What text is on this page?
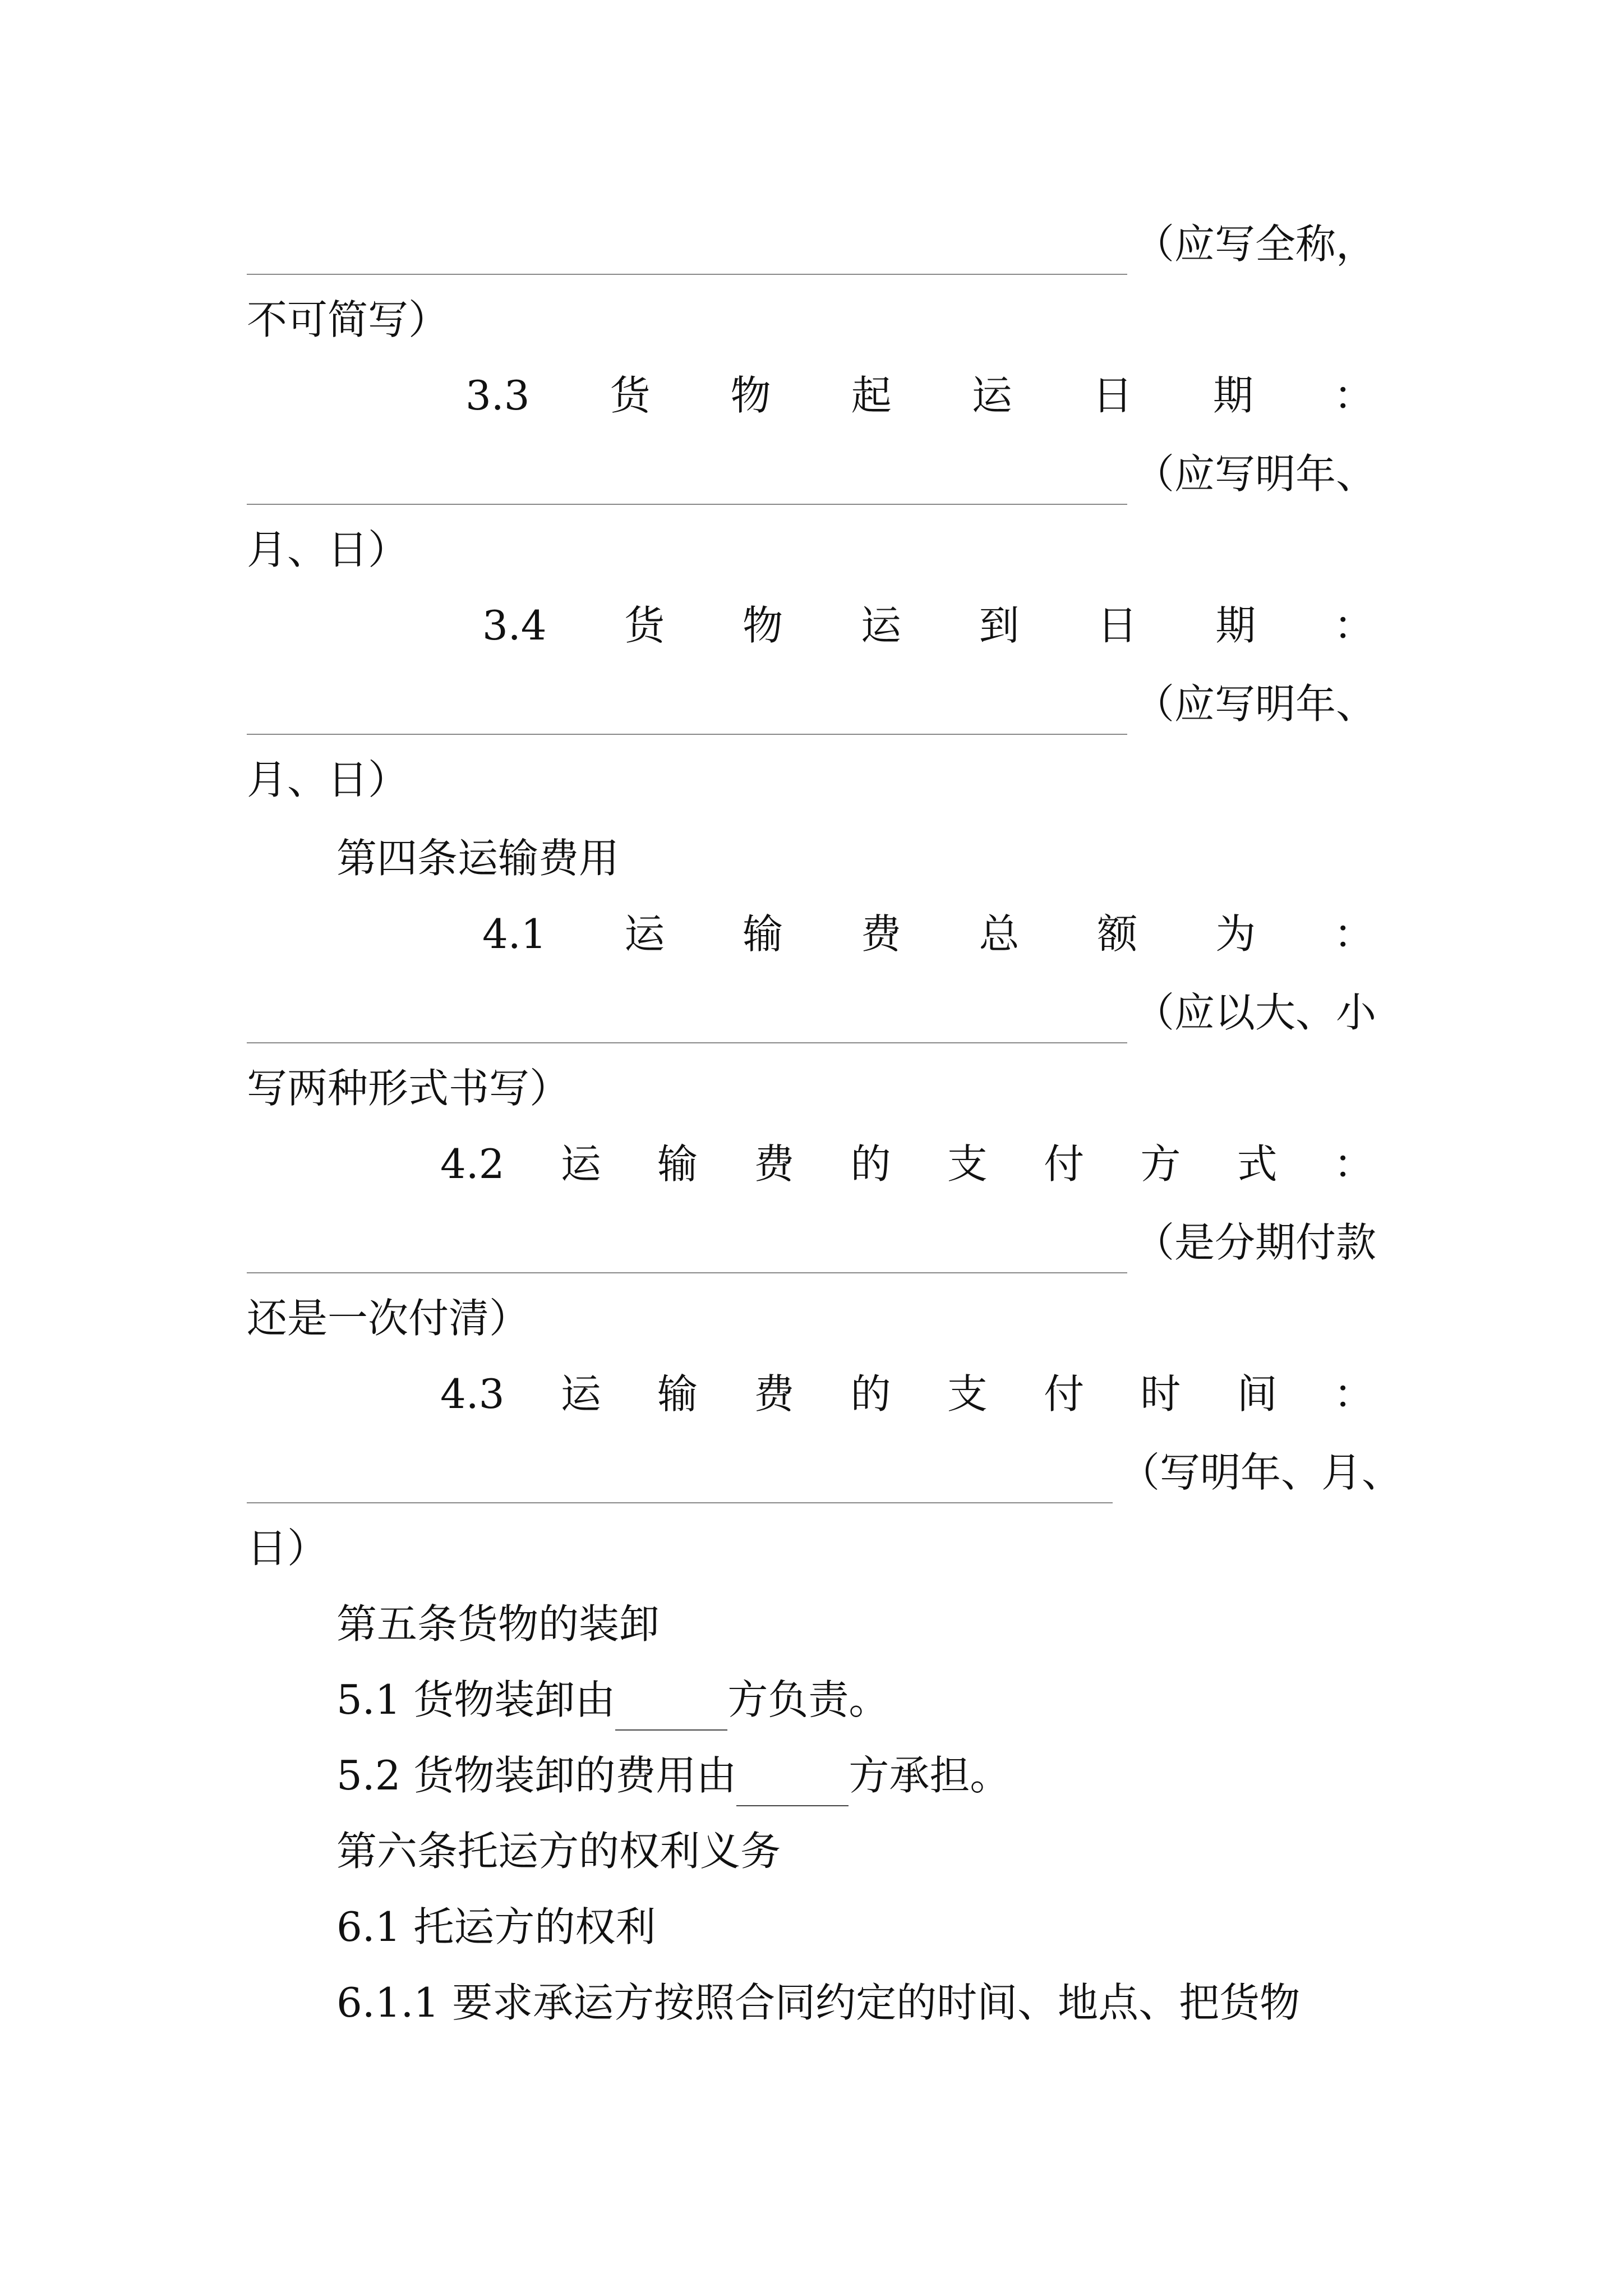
（应写全称，
不可简写）
3.3 货 物 起 运 日 期 ：
（应写明年、
月、日）
3.4 货 物 运 到 日 期 ：
（应写明年、
月、日）
第四条运输费用
4.1 运 输 费 总 额 为 ：
（应以大、小
写两种形式书写）
4.2 运 输 费 的 支 付 方 式 ：
（是分期付款
还是一次付清）
4.3 运 输 费 的 支 付 时 间 ：
（写明年、月、
日）
第五条货物的装卸
5.1 货物装卸由	方负责。
5.2 货物装卸的费用由	方承担。
第六条托运方的权利义务
6.1 托运方的权利
6.1.1 要求承运方按照合同约定的时间、地点、把货物
